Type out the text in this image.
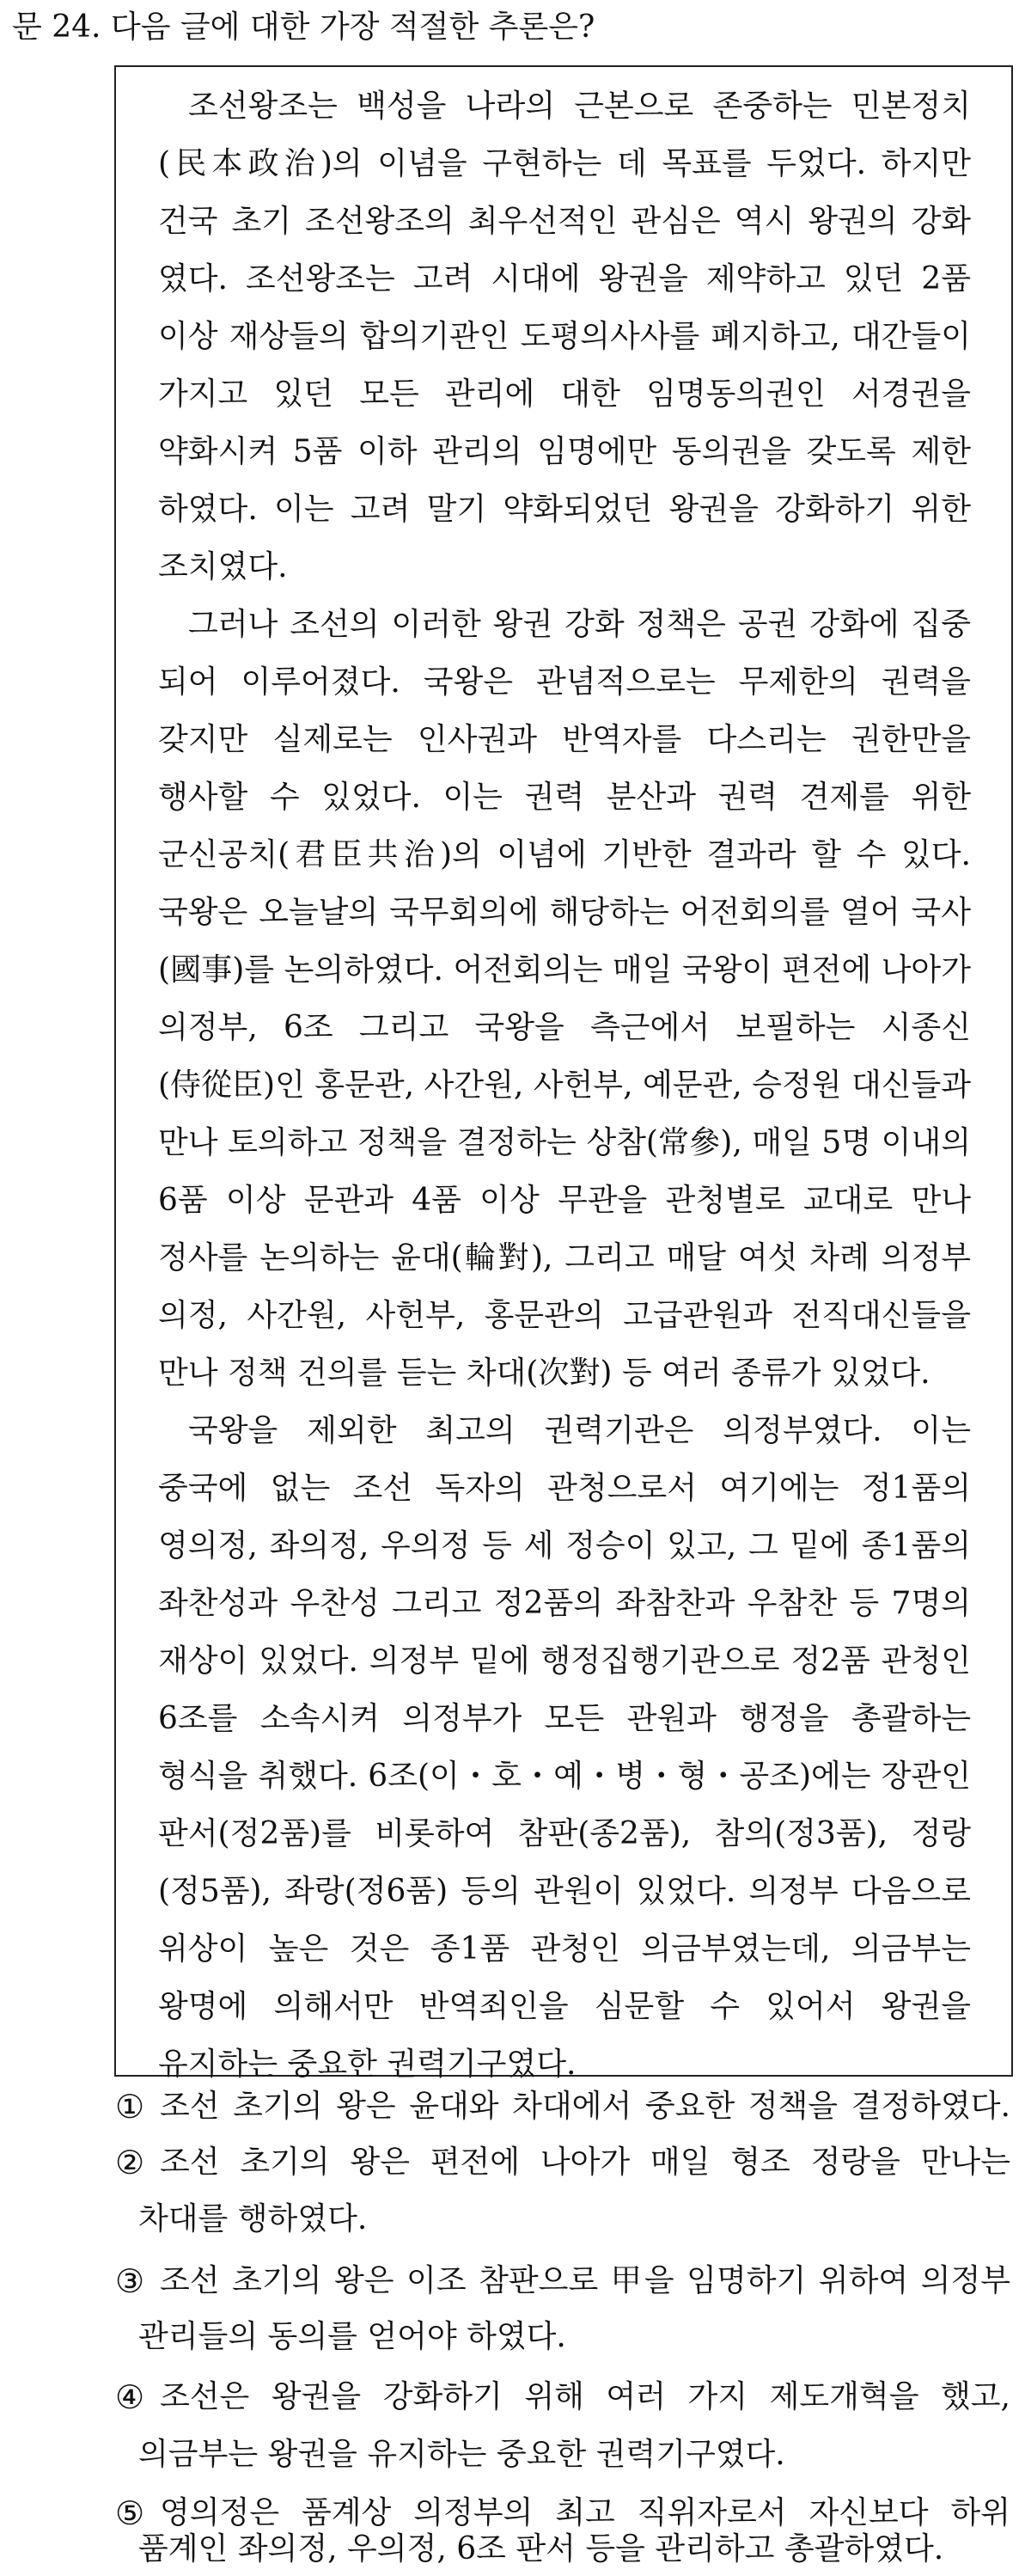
문 24. 다음 글에 대한 가장 적절한 추론은?
조선왕조는 백성을 나라의 근본으로 존중하는 민본정치
(民本政治)의 이념을 구현하는 데 목표를 두었다. 하지만
건국 초기 조선왕조의 최우선적인 관심은 역시 왕권의 강화
였다. 조선왕조는 고려 시대에 왕권을 제약하고 있던 2품
이상 재상들의 합의기관인 도평의사사를 폐지하고, 대간들이
가지고 있던 모든 관리에 대한 임명동의권인 서경권을
약화시켜 5품 이하 관리의 임명에만 동의권을 갖도록 제한
하였다. 이는 고려 말기 약화되었던 왕권을 강화하기 위한
조치였다.
그러나 조선의 이러한 왕권 강화 정책은 공권 강화에 집중
되어 이루어졌다. 국왕은 관념적으로는 무제한의 권력을
갖지만 실제로는 인사권과 반역자를 다스리는 권한만을
행사할 수 있었다. 이는 권력 분산과 권력 견제를 위한
군신공치(君臣共治)의 이념에 기반한 결과라 할 수 있다.
국왕은 오늘날의 국무회의에 해당하는 어전회의를 열어 국사
(國事)를 논의하였다. 어전회의는 매일 국왕이 편전에 나아가
의정부, 6조 그리고 국왕을 측근에서 보필하는 시종신
(侍從臣)인 홍문관, 사간원, 사헌부, 예문관, 승정원 대신들과
만나 토의하고 정책을 결정하는 상참(常參), 매일 5명 이내의
6품 이상 문관과 4품 이상 무관을 관청별로 교대로 만나
정사를 논의하는 윤대(輪對), 그리고 매달 여섯 차례 의정부
의정, 사간원, 사헌부, 홍문관의 고급관원과 전직대신들을
만나 정책 건의를 듣는 차대(次對) 등 여러 종류가 있었다.
국왕을 제외한 최고의 권력기관은 의정부였다. 이는
중국에 없는 조선 독자의 관청으로서 여기에는 정1품의
영의정, 좌의정, 우의정 등 세 정승이 있고, 그 밑에 종1품의
좌찬성과 우찬성 그리고 정2품의 좌참찬과 우참찬 등 7명의
재상이 있었다. 의정부 밑에 행정집행기관으로 정2품 관청인
6조를 소속시켜 의정부가 모든 관원과 행정을 총괄하는
형식을 취했다. 6조(이・호・예・병・형・공조)에는 장관인
판서(정2품)를 비롯하여 참판(종2품), 참의(정3품), 정랑
(정5품), 좌랑(정6품) 등의 관원이 있었다. 의정부 다음으로
위상이 높은 것은 종1품 관청인 의금부였는데, 의금부는
왕명에 의해서만 반역죄인을 심문할 수 있어서 왕권을
유지하는 중요한 권력기구였다.
① 조선 초기의 왕은 윤대와 차대에서 중요한 정책을 결정하였다.
② 조선 초기의 왕은 편전에 나아가 매일 형조 정랑을 만나는
차대를 행하였다.
③ 조선 초기의 왕은 이조 참판으로 甲을 임명하기 위하여 의정부
관리들의 동의를 얻어야 하였다.
④ 조선은 왕권을 강화하기 위해 여러 가지 제도개혁을 했고,
의금부는 왕권을 유지하는 중요한 권력기구였다.
⑤ 영의정은 품계상 의정부의 최고 직위자로서 자신보다 하위
품계인 좌의정, 우의정, 6조 판서 등을 관리하고 총괄하였다.
